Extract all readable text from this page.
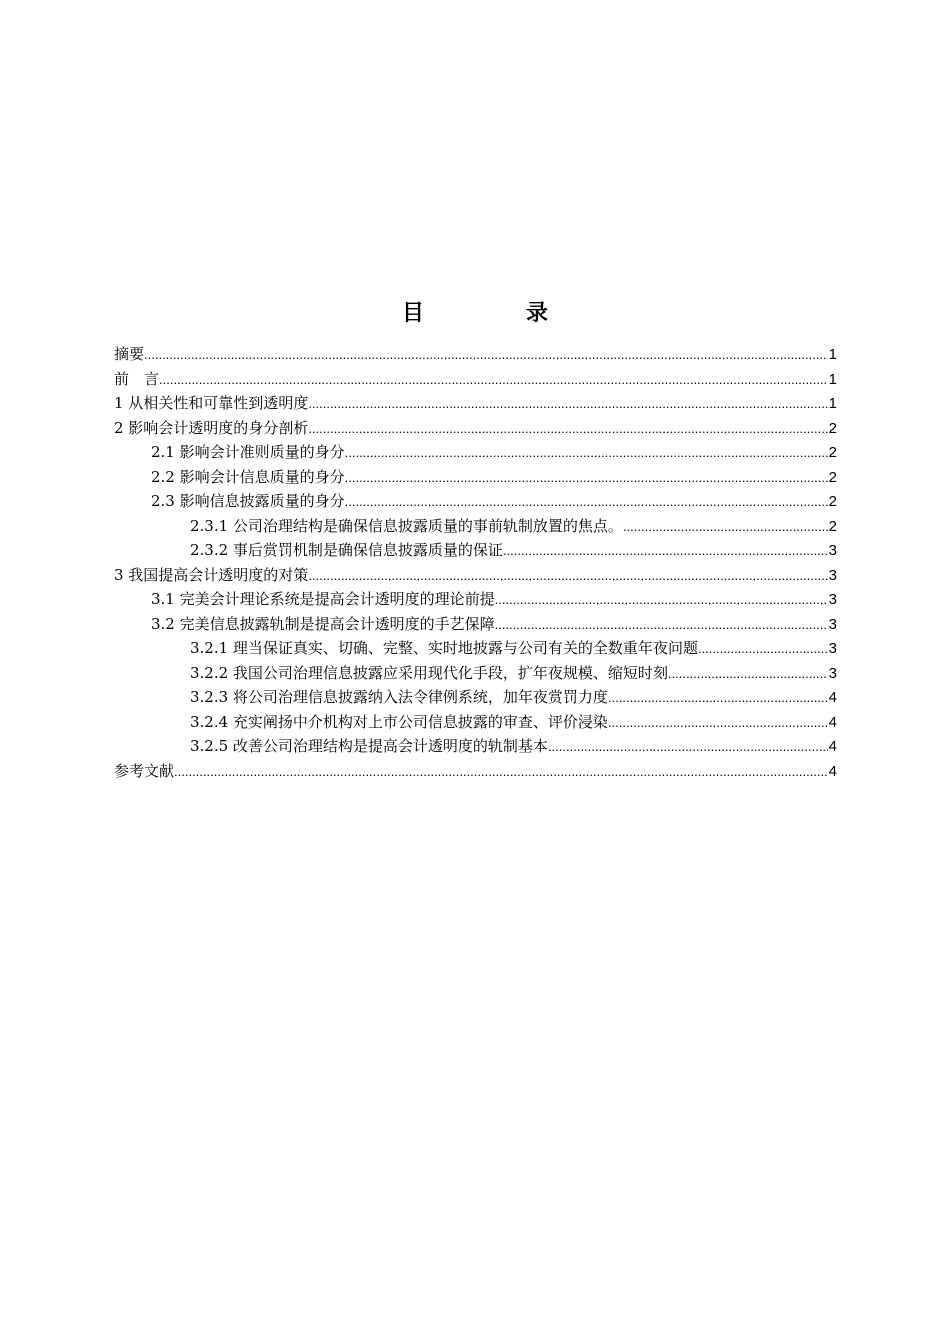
目　录
摘要 .....	1
前　言 .....	1
1 从相关性和可靠性到透明度 .....	1
2 影响会计透明度的身分剖析 .....	2
2.1 影响会计准则质量的身分 .....	2
2.2 影响会计信息质量的身分 .....	2
2.3 影响信息披露质量的身分 .....	2
2.3.1 公司治理结构是确保信息披露质量的事前轨制放置的焦点。 .....	2
2.3.2 事后赏罚机制是确保信息披露质量的保证 .....	3
3 我国提高会计透明度的对策 .....	3
3.1 完美会计理论系统是提高会计透明度的理论前提 .....	3
3.2 完美信息披露轨制是提高会计透明度的手艺保障 .....	3
3.2.1 理当保证真实、切确、完整、实时地披露与公司有关的全数重年夜问题 .....	3
3.2.2 我国公司治理信息披露应采用现代化手段，扩年夜规模、缩短时刻 .....	3
3.2.3 将公司治理信息披露纳入法令律例系统，加年夜赏罚力度 .....	4
3.2.4 充实阐扬中介机构对上市公司信息披露的审查、评价浸染 .....	4
3.2.5 改善公司治理结构是提高会计透明度的轨制基本 .....	4
参考文献 .....	4
